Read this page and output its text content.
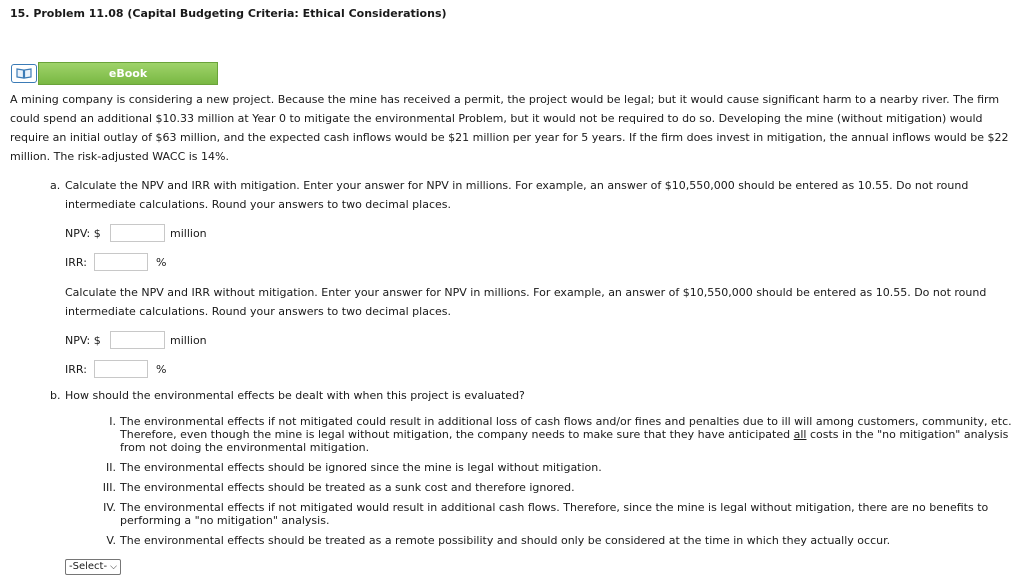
15. Problem 11.08 (Capital Budgeting Criteria: Ethical Considerations)
eBook

A mining company is considering a new project. Because the mine has received a permit, the project would be legal; but it would cause significant harm to a nearby river. The firm could spend an additional $10.33 million at Year 0 to mitigate the environmental Problem, but it would not be required to do so. Developing the mine (without mitigation) would require an initial outlay of $63 million, and the expected cash inflows would be $21 million per year for 5 years. If the firm does invest in mitigation, the annual inflows would be $22 million. The risk-adjusted WACC is 14%.

a. Calculate the NPV and IRR with mitigation. Enter your answer for NPV in millions. For example, an answer of $10,550,000 should be entered as 10.55. Do not round intermediate calculations. Round your answers to two decimal places.

NPV: $	million
IRR:	%

Calculate the NPV and IRR without mitigation. Enter your answer for NPV in millions. For example, an answer of $10,550,000 should be entered as 10.55. Do not round intermediate calculations. Round your answers to two decimal places.

NPV: $	million
IRR:	%
b. How should the environmental effects be dealt with when this project is evaluated?

I. The environmental effects if not mitigated could result in additional loss of cash flows and/or fines and penalties due to ill will among customers, community, etc. Therefore, even though the mine is legal without mitigation, the company needs to make sure that they have anticipated all costs in the "no mitigation" analysis from not doing the environmental mitigation.
II. The environmental effects should be ignored since the mine is legal without mitigation.
III. The environmental effects should be treated as a sunk cost and therefore ignored.
IV. The environmental effects if not mitigated would result in additional cash flows. Therefore, since the mine is legal without mitigation, there are no benefits to performing a "no mitigation" analysis.
V. The environmental effects should be treated as a remote possibility and should only be considered at the time in which they actually occur.
-Select- ⌵
